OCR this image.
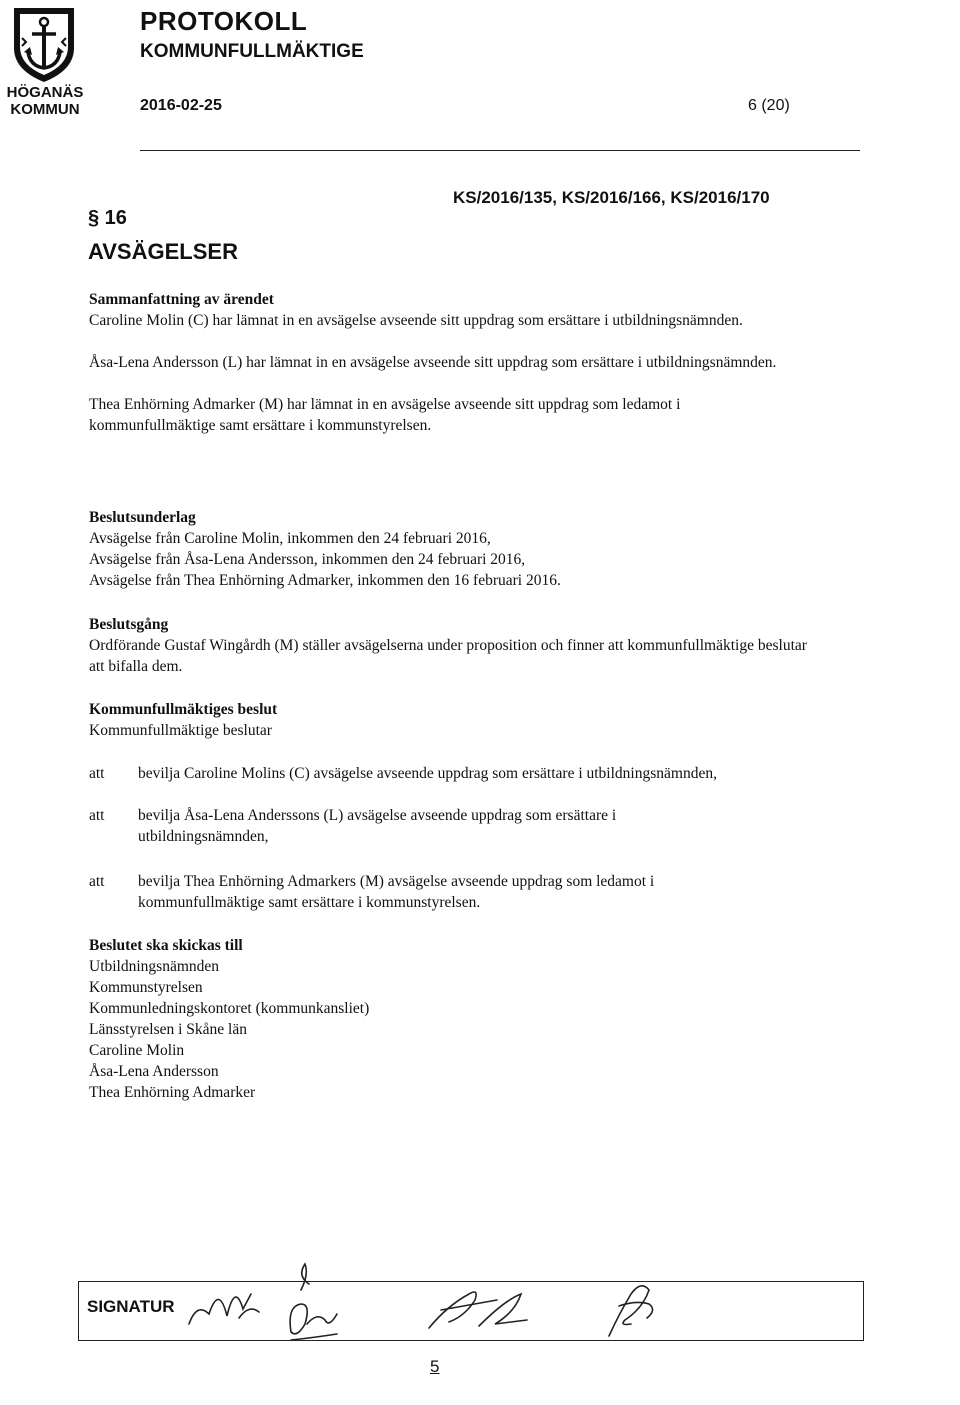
HÖGANÄS
KOMMUN
PROTOKOLL
KOMMUNFULLMÄKTIGE
2016-02-25	6 (20)
KS/2016/135, KS/2016/166, KS/2016/170
§ 16
AVSÄGELSER

Sammanfattning av ärendet

Caroline Molin (C) har lämnat in en avsägelse avseende sitt uppdrag som ersättare i utbildningsnämnden.

Åsa-Lena Andersson (L) har lämnat in en avsägelse avseende sitt uppdrag som ersättare i utbildningsnämnden.

Thea Enhörning Admarker (M) har lämnat in en avsägelse avseende sitt uppdrag som ledamot i kommunfullmäktige samt ersättare i kommunstyrelsen.

Beslutsunderlag

Avsägelse från Caroline Molin, inkommen den 24 februari 2016,

Avsägelse från Åsa-Lena Andersson, inkommen den 24 februari 2016,

Avsägelse från Thea Enhörning Admarker, inkommen den 16 februari 2016.

Beslutsgång

Ordförande Gustaf Wingårdh (M) ställer avsägelserna under proposition och finner att kommunfullmäktige beslutar att bifalla dem.

Kommunfullmäktiges beslut

Kommunfullmäktige beslutar

att bevilja Caroline Molins (C) avsägelse avseende uppdrag som ersättare i utbildningsnämnden,
att bevilja Åsa-Lena Anderssons (L) avsägelse avseende uppdrag som ersättare i utbildningsnämnden,
att bevilja Thea Enhörning Admarkers (M) avsägelse avseende uppdrag som ledamot i kommunfullmäktige samt ersättare i kommunstyrelsen.

Beslutet ska skickas till

Utbildningsnämnden

Kommunstyrelsen

Kommunledningskontoret (kommunkansliet)

Länsstyrelsen i Skåne län

Caroline Molin

Åsa-Lena Andersson

Thea Enhörning Admarker

SIGNATUR
5
